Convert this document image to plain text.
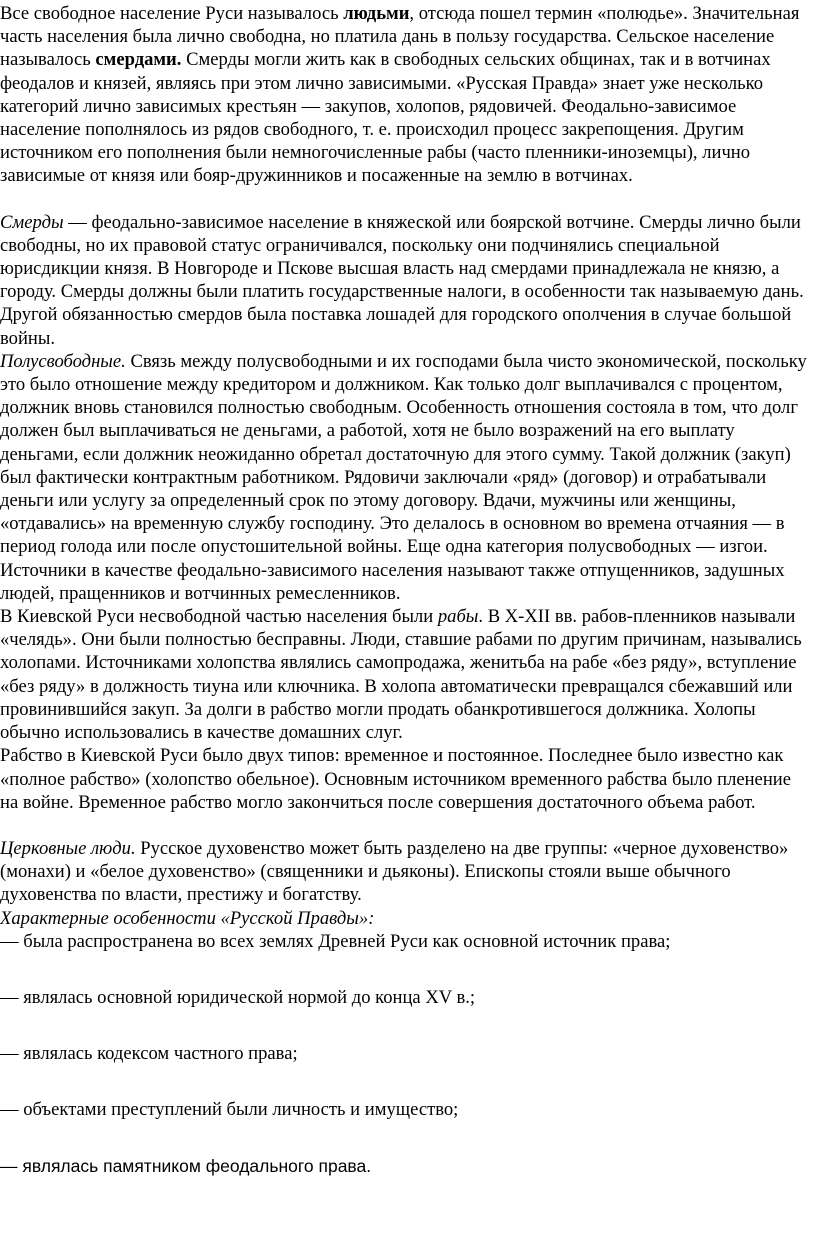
Все свободное население Руси называлось людьми, отсюда пошел термин «полюдье». Значительная часть населения была лично свободна, но платила дань в пользу государства. Сельское население называлось смердами. Смерды могли жить как в свободных сельских общинах, так и в вотчинах феодалов и князей, являясь при этом лично зависимыми. «Русская Правда» знает уже несколько категорий лично зависимых крестьян — закупов, холопов, рядовичей. Феодально-зависимое население пополнялось из рядов свободного, т. е. происходил процесс закрепощения. Другим источником его пополнения были немногочисленные рабы (часто пленники-иноземцы), лично зависимые от князя или бояр-дружинников и посаженные на землю в вотчинах.

Смерды — феодально-зависимое население в княжеской или боярской вотчине. Смерды лично были свободны, но их правовой статус ограничивался, поскольку они подчинялись специальной юрисдикции князя. В Новгороде и Пскове высшая власть над смердами принадлежала не князю, а городу. Смерды должны были платить государственные налоги, в особенности так называемую дань. Другой обязанностью смердов была поставка лошадей для городского ополчения в случае большой войны.

Полусвободные. Связь между полусвободными и их господами была чисто экономической, поскольку это было отношение между кредитором и должником. Как только долг выплачивался с процентом, должник вновь становился полностью свободным. Особенность отношения состояла в том, что долг должен был выплачиваться не деньгами, а работой, хотя не было возражений на его выплату деньгами, если должник неожиданно обретал достаточную для этого сумму. Такой должник (закуп) был фактически контрактным работником. Рядовичи заключали «ряд» (договор) и отрабатывали деньги или услугу за определенный срок по этому договору. Вдачи, мужчины или женщины, «отдавались» на временную службу господину. Это делалось в основном во времена отчаяния — в период голода или после опустошительной войны. Еще одна категория полусвободных — изгои. Источники в качестве феодально-зависимого населения называют также отпущенников, задушных людей, пращенников и вотчинных ремесленников.

В Киевской Руси несвободной частью населения были рабы. В X-XII вв. рабов-пленников называли «челядь». Они были полностью бесправны. Люди, ставшие рабами по другим причинам, назывались холопами. Источниками холопства являлись самопродажа, женитьба на рабе «без ряду», вступление «без ряду» в должность тиуна или ключника. В холопа автоматически превращался сбежавший или провинившийся закуп. За долги в рабство могли продать обанкротившегося должника. Холопы обычно использовались в качестве домашних слуг.

Рабство в Киевской Руси было двух типов: временное и постоянное. Последнее было известно как «полное рабство» (холопство обельное). Основным источником временного рабства было пленение на войне. Временное рабство могло закончиться после совершения достаточного объема работ.

Церковные люди. Русское духовенство может быть разделено на две группы: «черное духовенство» (монахи) и «белое духовенство» (священники и дьяконы). Епископы стояли выше обычного духовенства по власти, престижу и богатству.

Характерные особенности «Русской Правды»:

— была распространена во всех землях Древней Руси как основной источник права;

— являлась основной юридической нормой до конца XV в.;

— являлась кодексом частного права;

— объектами преступлений были личность и имущество;

— являлась памятником феодального права.
